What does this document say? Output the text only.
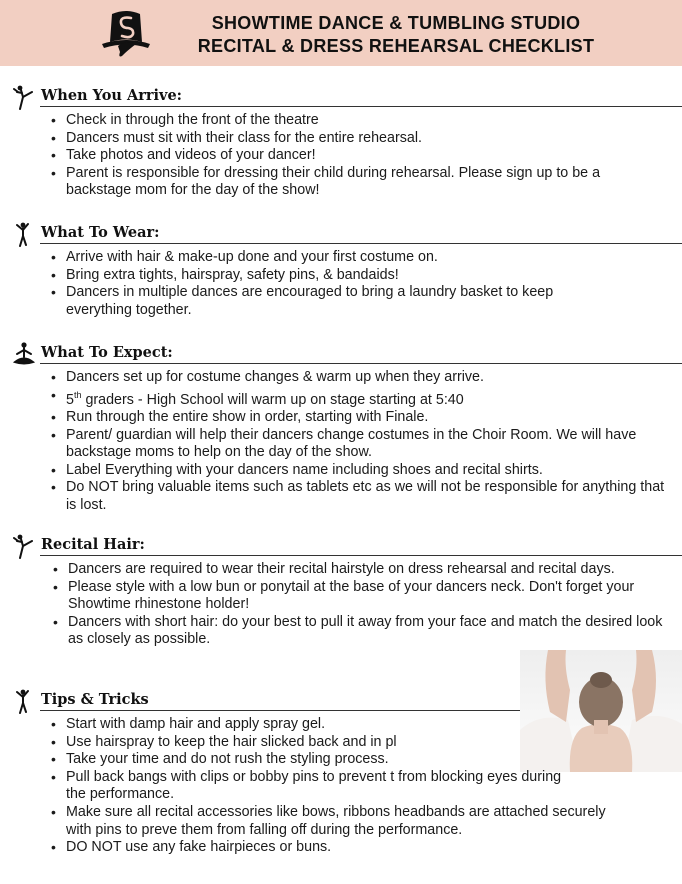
SHOWTIME DANCE & TUMBLING STUDIO
RECITAL & DRESS REHEARSAL CHECKLIST
When You Arrive:
• Check in through the front of the theatre
• Dancers must sit with their class for the entire rehearsal.
• Take photos and videos of your dancer!
• Parent is responsible for dressing their child during rehearsal. Please sign up to be a backstage mom for the day of the show!
What To Wear:
• Arrive with hair & make-up done and your first costume on.
• Bring extra tights, hairspray, safety pins, & bandaids!
• Dancers in multiple dances are encouraged to bring a laundry basket to keep everything together.
What To Expect:
• Dancers set up for costume changes & warm up when they arrive.
• 5th graders - High School will warm up on stage starting at 5:40
• Run through the entire show in order, starting with Finale.
• Parent/ guardian will help their dancers change costumes in the Choir Room. We will have backstage moms to help on the day of the show.
• Label Everything with your dancers name including shoes and recital shirts.
• Do NOT bring valuable items such as tablets etc as we will not be responsible for anything that is lost.
Recital Hair:
• Dancers are required to wear their recital hairstyle on dress rehearsal and recital days.
• Please style with a low bun or ponytail at the base of your dancers neck. Don't forget your Showtime rhinestone holder!
• Dancers with short hair: do your best to pull it away from your face and match the desired look as closely as possible.
Tips & Tricks
• Start with damp hair and apply spray gel.
• Use hairspray to keep the hair slicked back and in pl
• Take your time and do not rush the styling process.
• Pull back bangs with clips or bobby pins to prevent t from blocking eyes during the performance.
• Make sure all recital accessories like bows, ribbons headbands are attached securely with pins to preve them from falling off during the performance.
• DO NOT use any fake hairpieces or buns.
